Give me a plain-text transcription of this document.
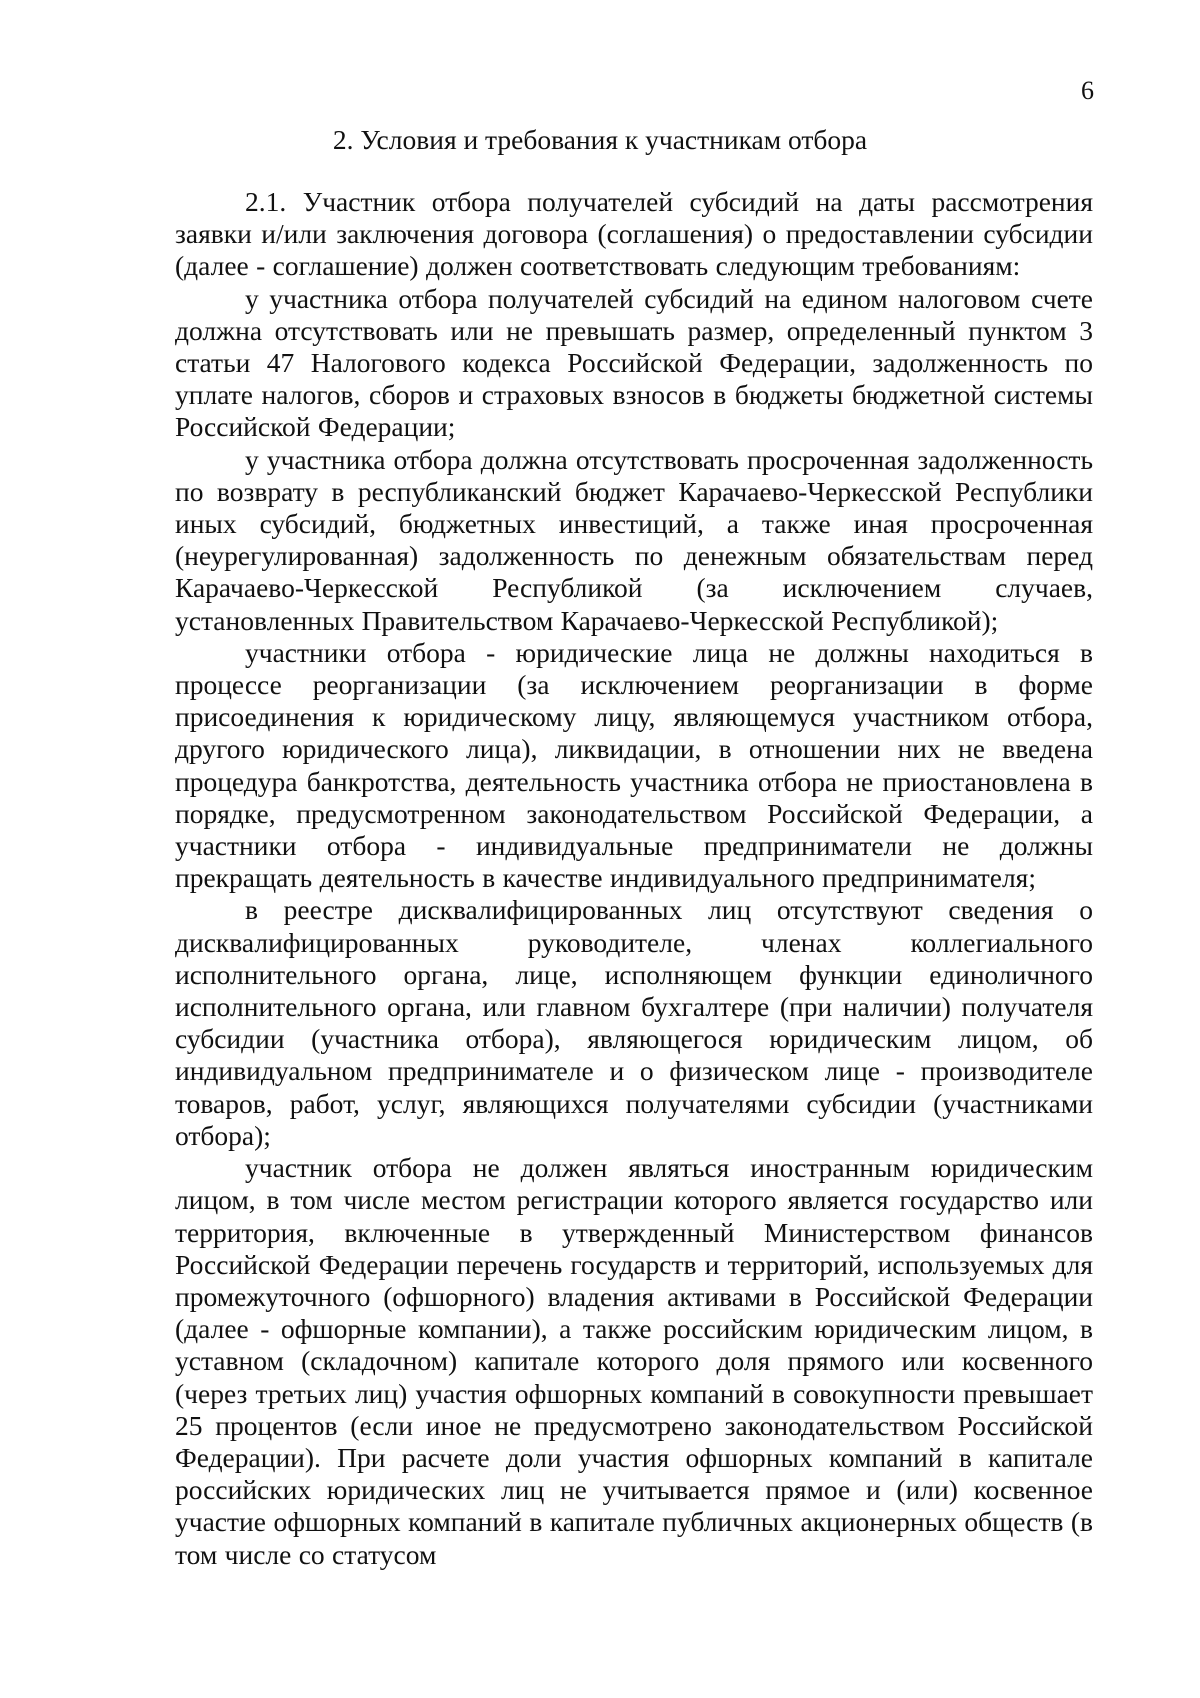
6
2. Условия и требования к участникам отбора

2.1. Участник отбора получателей субсидий на даты рассмотрения заявки и/или заключения договора (соглашения) о предоставлении субсидии (далее - соглашение) должен соответствовать следующим требованиям:

у участника отбора получателей субсидий на едином налоговом счете должна отсутствовать или не превышать размер, определенный пунктом 3 статьи 47 Налогового кодекса Российской Федерации, задолженность по уплате налогов, сборов и страховых взносов в бюджеты бюджетной системы Российской Федерации;

у участника отбора должна отсутствовать просроченная задолженность по возврату в республиканский бюджет Карачаево-Черкесской Республики иных субсидий, бюджетных инвестиций, а также иная просроченная (неурегулированная) задолженность по денежным обязательствам перед Карачаево-Черкесской Республикой (за исключением случаев, установленных Правительством Карачаево-Черкесской Республикой);

участники отбора - юридические лица не должны находиться в процессе реорганизации (за исключением реорганизации в форме присоединения к юридическому лицу, являющемуся участником отбора, другого юридического лица), ликвидации, в отношении них не введена процедура банкротства, деятельность участника отбора не приостановлена в порядке, предусмотренном законодательством Российской Федерации, а участники отбора - индивидуальные предприниматели не должны прекращать деятельность в качестве индивидуального предпринимателя;

в реестре дисквалифицированных лиц отсутствуют сведения о дисквалифицированных руководителе, членах коллегиального исполнительного органа, лице, исполняющем функции единоличного исполнительного органа, или главном бухгалтере (при наличии) получателя субсидии (участника отбора), являющегося юридическим лицом, об индивидуальном предпринимателе и о физическом лице - производителе товаров, работ, услуг, являющихся получателями субсидии (участниками отбора);

участник отбора не должен являться иностранным юридическим лицом, в том числе местом регистрации которого является государство или территория, включенные в утвержденный Министерством финансов Российской Федерации перечень государств и территорий, используемых для промежуточного (офшорного) владения активами в Российской Федерации (далее - офшорные компании), а также российским юридическим лицом, в уставном (складочном) капитале которого доля прямого или косвенного (через третьих лиц) участия офшорных компаний в совокупности превышает 25 процентов (если иное не предусмотрено законодательством Российской Федерации). При расчете доли участия офшорных компаний в капитале российских юридических лиц не учитывается прямое и (или) косвенное участие офшорных компаний в капитале публичных акционерных обществ (в том числе со статусом
